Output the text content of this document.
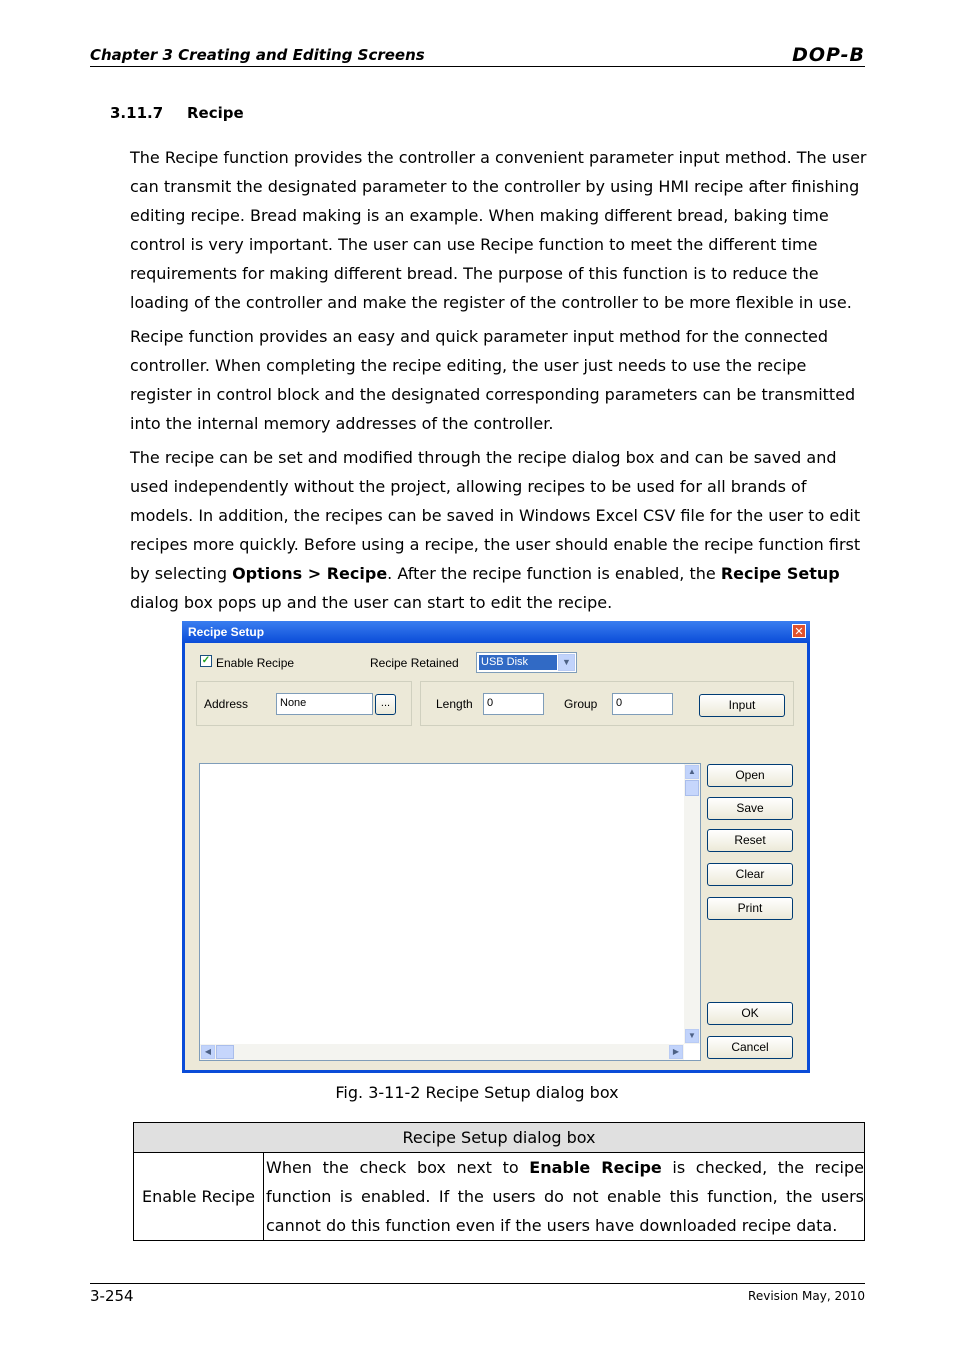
Chapter 3 Creating and Editing Screens	DOP-B
3.11.7 Recipe
The Recipe function provides the controller a convenient parameter input method. The user can transmit the designated parameter to the controller by using HMI recipe after finishing editing recipe. Bread making is an example. When making different bread, baking time control is very important. The user can use Recipe function to meet the different time requirements for making different bread. The purpose of this function is to reduce the loading of the controller and make the register of the controller to be more flexible in use.
Recipe function provides an easy and quick parameter input method for the connected controller. When completing the recipe editing, the user just needs to use the recipe register in control block and the designated corresponding parameters can be transmitted into the internal memory addresses of the controller.
The recipe can be set and modified through the recipe dialog box and can be saved and used independently without the project, allowing recipes to be used for all brands of models. In addition, the recipes can be saved in Windows Excel CSV file for the user to edit recipes more quickly. Before using a recipe, the user should enable the recipe function first by selecting Options > Recipe. After the recipe function is enabled, the Recipe Setup dialog box pops up and the user can start to edit the recipe.
Recipe Setup	✕
✓ Enable Recipe	Recipe Retained USB Disk	▼
Address	None	...	Length	0	Group	0	Input
▲
▼
◀	▶
Open
Save
Reset
Clear
Print
OK
Cancel
Fig. 3-11-2 Recipe Setup dialog box
Recipe Setup dialog box
Enable Recipe	When the check box next to Enable Recipe is checked, the recipe function is enabled. If the users do not enable this function, the users cannot do this function even if the users have downloaded recipe data.
3-254	Revision May, 2010
